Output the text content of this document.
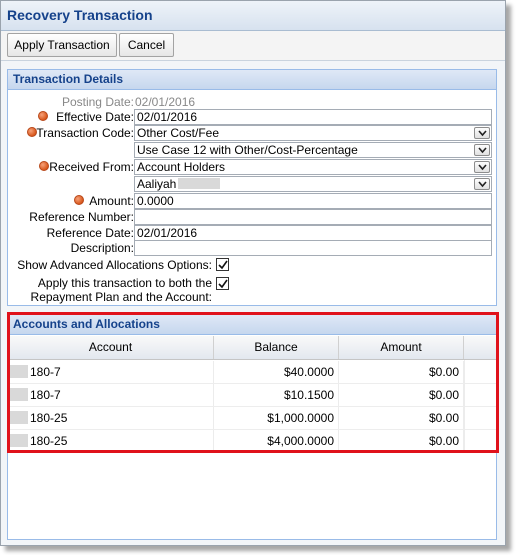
Recovery Transaction
Apply Transaction	Cancel
Transaction Details
Posting Date: 02/01/2016
Effective Date: 02/01/2016
Transaction Code: Other Cost/Fee
Use Case 12 with Other/Cost-Percentage
Received From: Account Holders
Aaliyah
Amount: 0.0000
Reference Number:
Reference Date: 02/01/2016
Description:
Show Advanced Allocations Options:
Apply this transaction to both the
Repayment Plan and the Account:
Accounts and Allocations
Account	Balance	Amount
180-7	$40.0000	$0.00
180-7	$10.1500	$0.00
180-25	$1,000.0000	$0.00
180-25	$4,000.0000	$0.00
